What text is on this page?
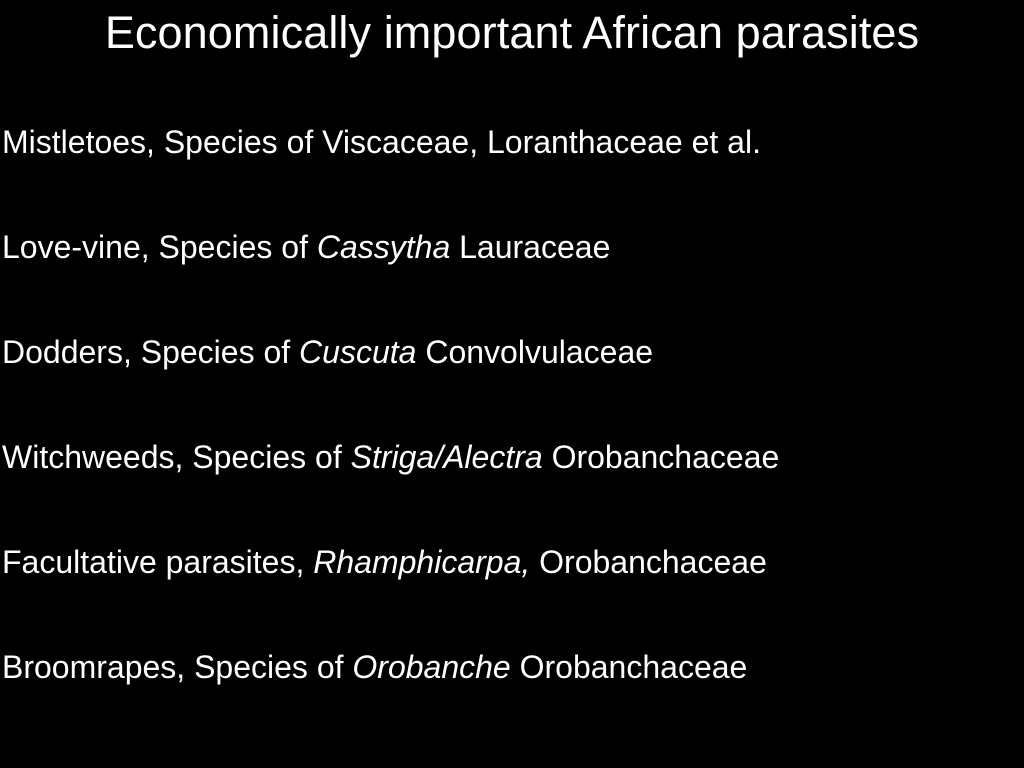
Economically important African parasites
Mistletoes, Species of Viscaceae, Loranthaceae et al.
Love-vine, Species of Cassytha Lauraceae
Dodders, Species of Cuscuta Convolvulaceae
Witchweeds, Species of Striga/Alectra Orobanchaceae
Facultative parasites, Rhamphicarpa, Orobanchaceae
Broomrapes, Species of Orobanche Orobanchaceae
